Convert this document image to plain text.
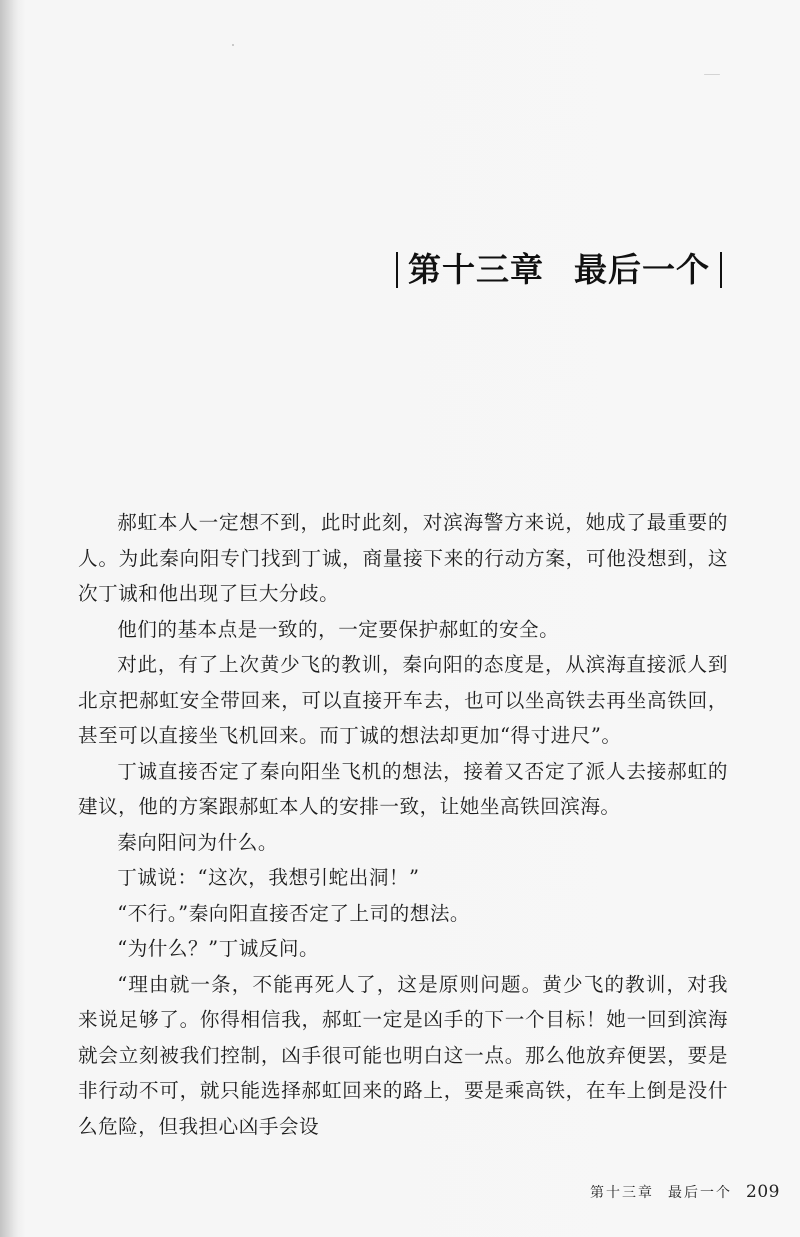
第十三章 最后一个

郝虹本人一定想不到，此时此刻，对滨海警方来说，她成了最重要的人。为此秦向阳专门找到丁诚，商量接下来的行动方案，可他没想到，这次丁诚和他出现了巨大分歧。

他们的基本点是一致的，一定要保护郝虹的安全。

对此，有了上次黄少飞的教训，秦向阳的态度是，从滨海直接派人到北京把郝虹安全带回来，可以直接开车去，也可以坐高铁去再坐高铁回，甚至可以直接坐飞机回来。而丁诚的想法却更加“得寸进尺”。

丁诚直接否定了秦向阳坐飞机的想法，接着又否定了派人去接郝虹的建议，他的方案跟郝虹本人的安排一致，让她坐高铁回滨海。

秦向阳问为什么。

丁诚说：“这次，我想引蛇出洞！”

“不行。”秦向阳直接否定了上司的想法。

“为什么？”丁诚反问。

“理由就一条，不能再死人了，这是原则问题。黄少飞的教训，对我来说足够了。你得相信我，郝虹一定是凶手的下一个目标！她一回到滨海就会立刻被我们控制，凶手很可能也明白这一点。那么他放弃便罢，要是非行动不可，就只能选择郝虹回来的路上，要是乘高铁，在车上倒是没什么危险，但我担心凶手会设

第十三章 最后一个 209
